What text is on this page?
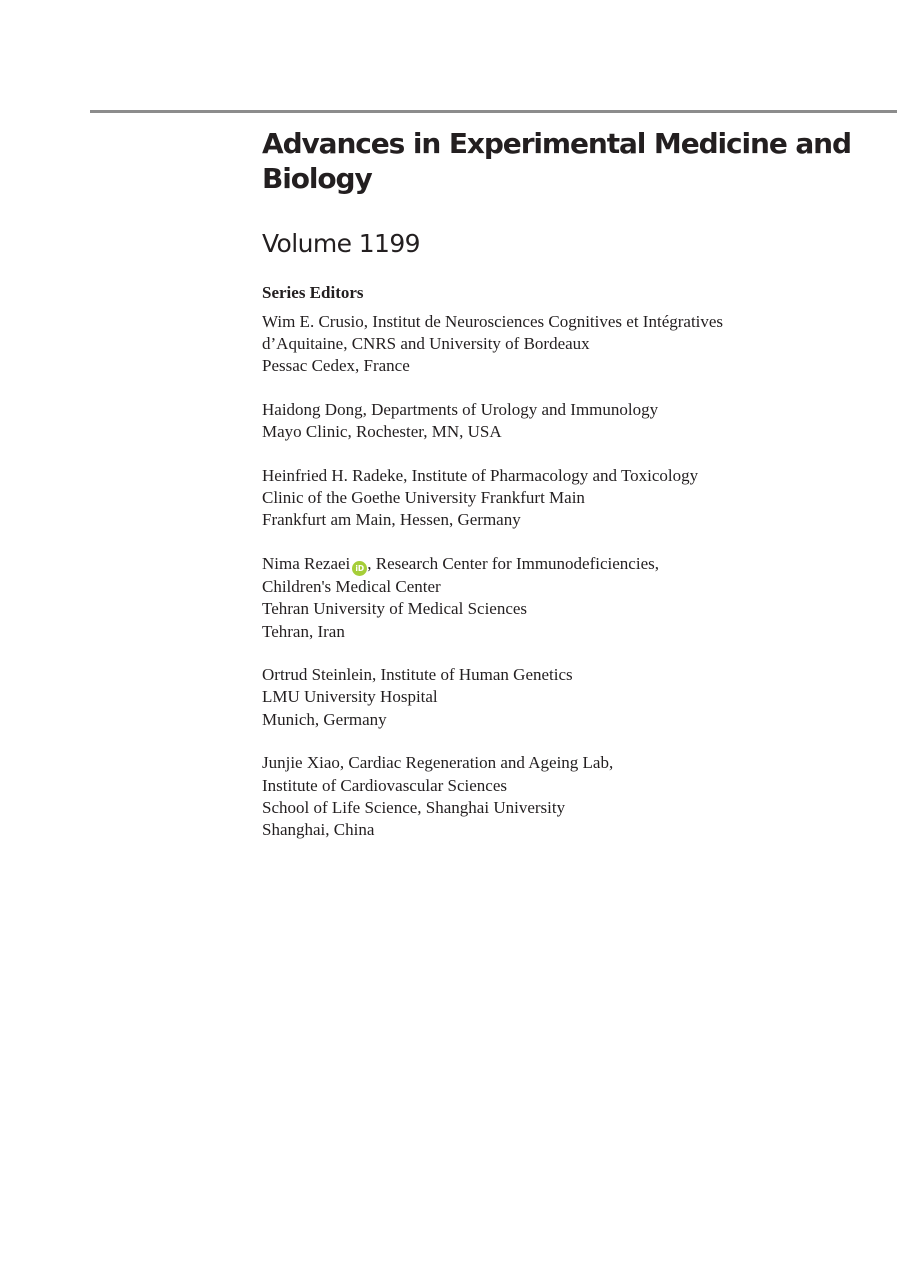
Advances in Experimental Medicine and Biology
Volume 1199
Series Editors
Wim E. Crusio, Institut de Neurosciences Cognitives et Intégratives
d’Aquitaine, CNRS and University of Bordeaux
Pessac Cedex, France
Haidong Dong, Departments of Urology and Immunology
Mayo Clinic, Rochester, MN, USA
Heinfried H. Radeke, Institute of Pharmacology and Toxicology
Clinic of the Goethe University Frankfurt Main
Frankfurt am Main, Hessen, Germany
Nima Rezaei iD , Research Center for Immunodeficiencies,
Children's Medical Center
Tehran University of Medical Sciences
Tehran, Iran
Ortrud Steinlein, Institute of Human Genetics
LMU University Hospital
Munich, Germany
Junjie Xiao, Cardiac Regeneration and Ageing Lab,
Institute of Cardiovascular Sciences
School of Life Science, Shanghai University
Shanghai, China
